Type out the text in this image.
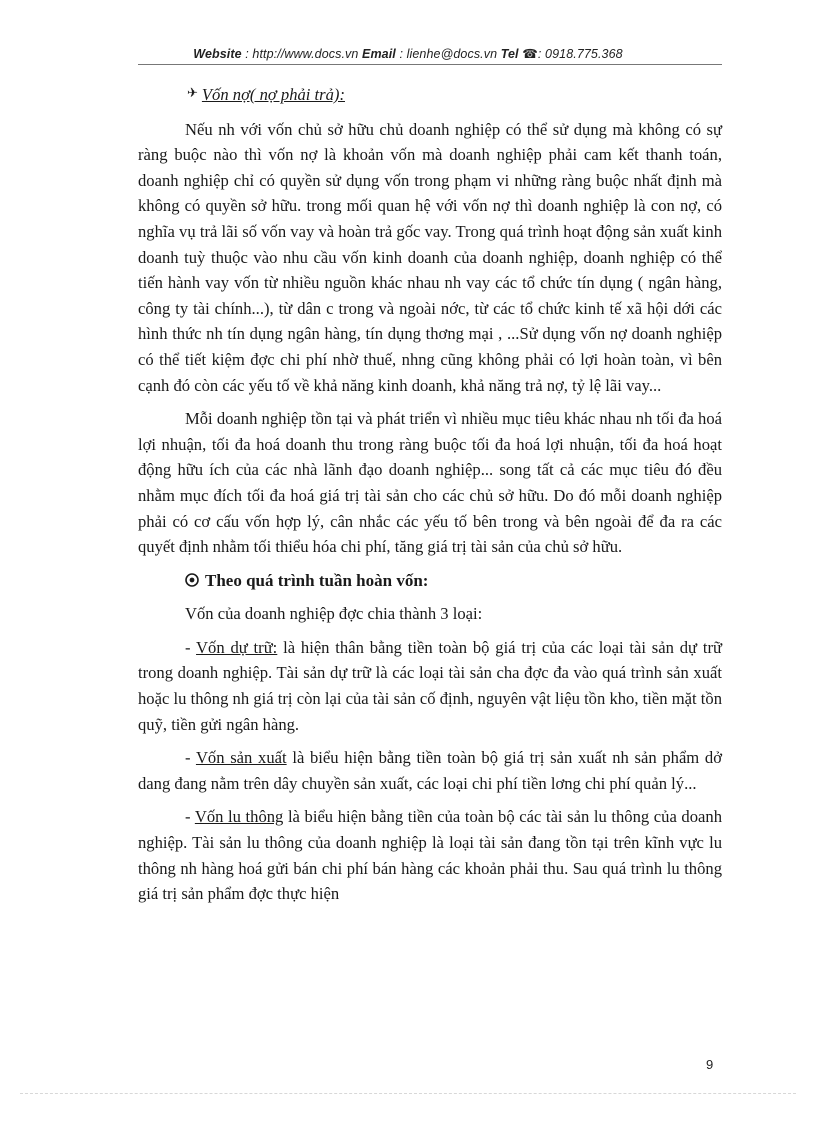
Website : http://www.docs.vn Email : lienhe@docs.vn Tel ☎: 0918.775.368

✈ Vốn nợ( nợ phải trả):

Nếu nh với vốn chủ sở hữu chủ doanh nghiệp có thể sử dụng mà không có sự ràng buộc nào thì vốn nợ là khoản vốn mà doanh nghiệp phải cam kết thanh toán, doanh nghiệp chỉ có quyền sử dụng vốn trong phạm vi những ràng buộc nhất định mà không có quyền sở hữu. trong mối quan hệ với vốn nợ thì doanh nghiệp là con nợ, có nghĩa vụ trả lãi số vốn vay và hoàn trả gốc vay. Trong quá trình hoạt động sản xuất kinh doanh tuỳ thuộc vào nhu cầu vốn kinh doanh của doanh nghiệp, doanh nghiệp có thể tiến hành vay vốn từ nhiều nguồn khác nhau nh vay các tổ chức tín dụng ( ngân hàng, công ty tài chính...), từ dân c trong và ngoài nớc, từ các tổ chức kinh tế xã hội dới các hình thức nh tín dụng ngân hàng, tín dụng thơng mại , ...Sử dụng vốn nợ doanh nghiệp có thể tiết kiệm đợc chi phí nhờ thuế, nhng cũng không phải có lợi hoàn toàn, vì bên cạnh đó còn các yếu tố về khả năng kinh doanh, khả năng trả nợ, tỷ lệ lãi vay...

Mỗi doanh nghiệp tồn tại và phát triển vì nhiều mục tiêu khác nhau nh tối đa hoá lợi nhuận, tối đa hoá doanh thu trong ràng buộc tối đa hoá lợi nhuận, tối đa hoá hoạt động hữu ích của các nhà lãnh đạo doanh nghiệp... song tất cả các mục tiêu đó đều nhằm mục đích tối đa hoá giá trị tài sản cho các chủ sở hữu. Do đó mỗi doanh nghiệp phải có cơ cấu vốn hợp lý, cân nhắc các yếu tố bên trong và bên ngoài để đa ra các quyết định nhằm tối thiểu hóa chi phí, tăng giá trị tài sản của chủ sở hữu.

Theo quá trình tuần hoàn vốn:

Vốn của doanh nghiệp đợc chia thành 3 loại:

- Vốn dự trữ: là hiện thân bằng tiền toàn bộ giá trị của các loại tài sản dự trữ trong doanh nghiệp. Tài sản dự trữ là các loại tài sản cha đợc đa vào quá trình sản xuất hoặc lu thông nh giá trị còn lại của tài sản cố định, nguyên vật liệu tồn kho, tiền mặt tồn quỹ, tiền gửi ngân hàng.

- Vốn sản xuất là biểu hiện bằng tiền toàn bộ giá trị sản xuất nh sản phẩm dở dang đang nằm trên dây chuyền sản xuất, các loại chi phí tiền lơng chi phí quản lý...

- Vốn lu thông là biểu hiện bằng tiền của toàn bộ các tài sản lu thông của doanh nghiệp. Tài sản lu thông của doanh nghiệp là loại tài sản đang tồn tại trên kĩnh vực lu thông nh hàng hoá gửi bán chi phí bán hàng các khoản phải thu. Sau quá trình lu thông giá trị sản phẩm đợc thực hiện

9
